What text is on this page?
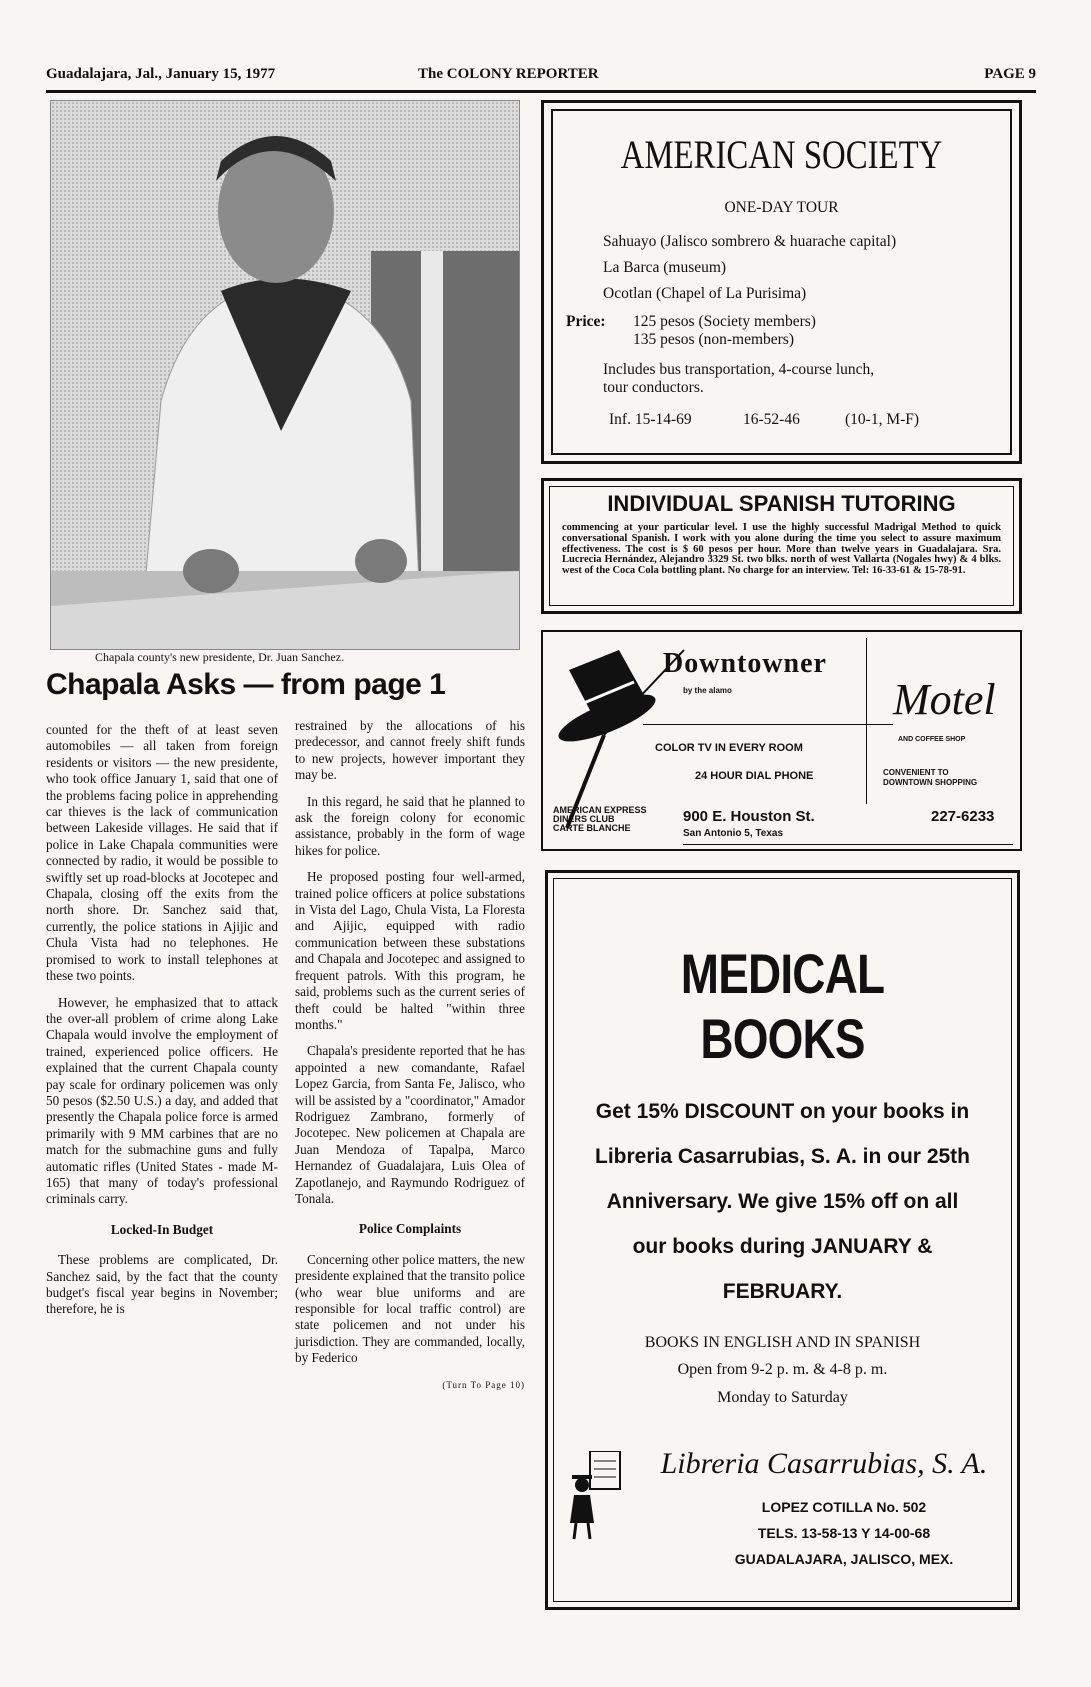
Guadalajara, Jal., January 15, 1977	The COLONY REPORTER	PAGE 9
Chapala county's new presidente, Dr. Juan Sanchez.
Chapala Asks — from page 1

counted for the theft of at least seven automobiles — all taken from foreign residents or visitors — the new presidente, who took office January 1, said that one of the problems facing police in apprehending car thieves is the lack of communication between Lakeside villages. He said that if police in Lake Chapala communities were connected by radio, it would be possible to swiftly set up road-blocks at Jocotepec and Chapala, closing off the exits from the north shore. Dr. Sanchez said that, currently, the police stations in Ajijic and Chula Vista had no telephones. He promised to work to install telephones at these two points.

However, he emphasized that to attack the over-all problem of crime along Lake Chapala would involve the employment of trained, experienced police officers. He explained that the current Chapala county pay scale for ordinary policemen was only 50 pesos ($2.50 U.S.) a day, and added that presently the Chapala police force is armed primarily with 9 MM carbines that are no match for the submachine guns and fully automatic rifles (United States - made M-165) that many of today's professional criminals carry.

Locked-In Budget

These problems are complicated, Dr. Sanchez said, by the fact that the county budget's fiscal year begins in November; therefore, he is

restrained by the allocations of his predecessor, and cannot freely shift funds to new projects, however important they may be.

In this regard, he said that he planned to ask the foreign colony for economic assistance, probably in the form of wage hikes for police.

He proposed posting four well-armed, trained police officers at police substations in Vista del Lago, Chula Vista, La Floresta and Ajijic, equipped with radio communication between these substations and Chapala and Jocotepec and assigned to frequent patrols. With this program, he said, problems such as the current series of theft could be halted "within three months."

Chapala's presidente reported that he has appointed a new comandante, Rafael Lopez Garcia, from Santa Fe, Jalisco, who will be assisted by a "coordinator," Amador Rodriguez Zambrano, formerly of Jocotepec. New policemen at Chapala are Juan Mendoza of Tapalpa, Marco Hernandez of Guadalajara, Luis Olea of Zapotlanejo, and Raymundo Rodriguez of Tonala.

Police Complaints

Concerning other police matters, the new presidente explained that the transito police (who wear blue uniforms and are responsible for local traffic control) are state policemen and not under his jurisdiction. They are commanded, locally, by Federico

(Turn To Page 10)
AMERICAN SOCIETY
ONE-DAY TOUR
Sahuayo (Jalisco sombrero & huarache capital)
La Barca (museum)
Ocotlan (Chapel of La Purisima)
Price: 125 pesos (Society members)
135 pesos (non-members)
Includes bus transportation, 4-course lunch,
tour conductors.
Inf. 15-14-69	16-52-46	(10-1, M-F)
INDIVIDUAL SPANISH TUTORING
commencing at your particular level. I use the highly successful Madrigal Method to quick conversational Spanish. I work with you alone during the time you select to assure maximum effectiveness. The cost is $ 60 pesos per hour. More than twelve years in Guadalajara. Sra. Lucrecia Hernández, Alejandro 3329 St. two blks. north of west Vallarta (Nogales hwy) & 4 blks. west of the Coca Cola bottling plant. No charge for an interview. Tel: 16-33-61 & 15-78-91.
Downtowner
Motel
by the alamo
AND COFFEE SHOP
COLOR TV IN EVERY ROOM
24 HOUR DIAL PHONE	CONVENIENT TO
DOWNTOWN SHOPPING
AMERICAN EXPRESS
DINERS CLUB
CARTE BLANCHE
900 E. Houston St.
San Antonio 5, Texas
227-6233
MEDICAL BOOKS
Get 15% DISCOUNT on your books in
Libreria Casarrubias, S. A. in our 25th
Anniversary. We give 15% off on all
our books during JANUARY &
FEBRUARY.
BOOKS IN ENGLISH AND IN SPANISH
Open from 9-2 p. m. & 4-8 p. m.
Monday to Saturday
Libreria Casarrubias, S. A.
LOPEZ COTILLA No. 502
TELS. 13-58-13 Y 14-00-68
GUADALAJARA, JALISCO, MEX.
